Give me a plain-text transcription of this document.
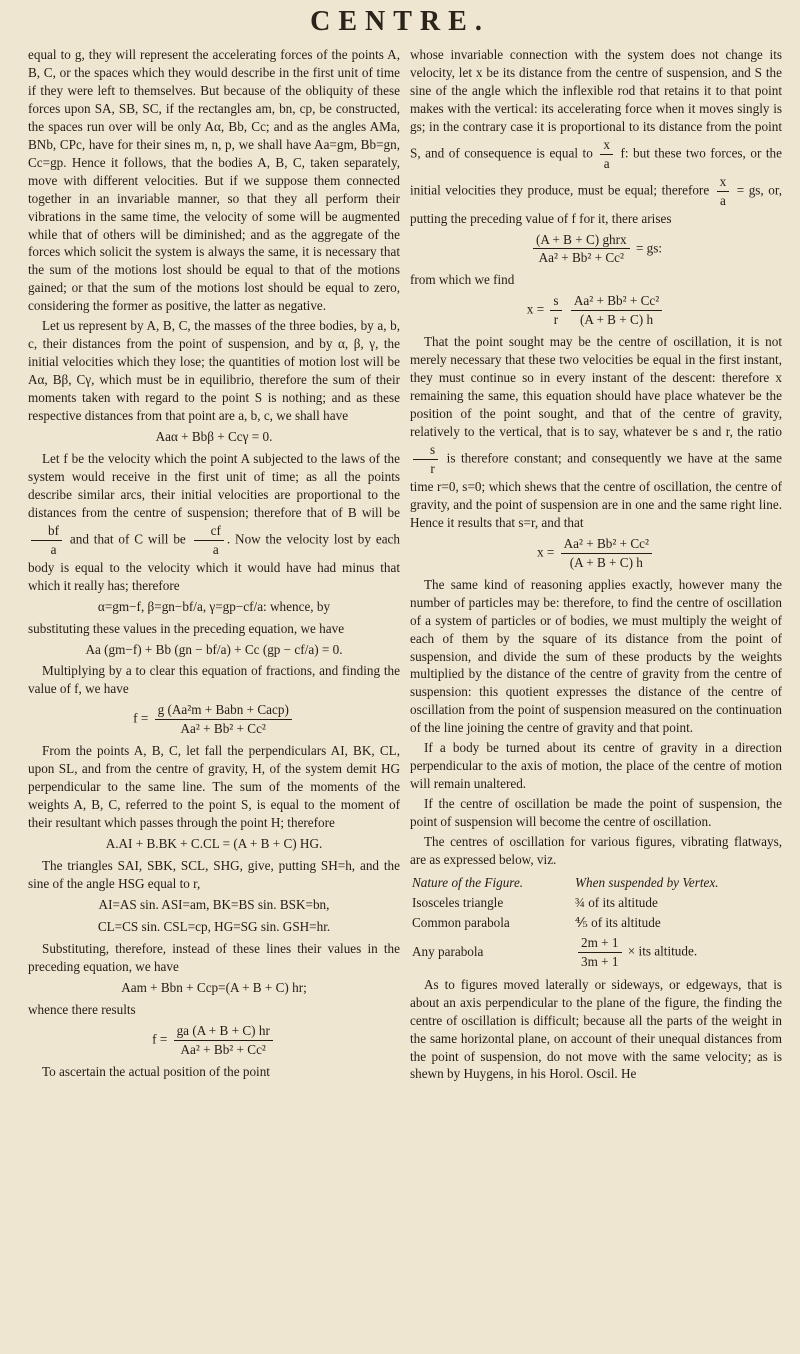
CENTRE.

equal to g, they will represent the accelerating forces of the points A, B, C, or the spaces which they would describe in the first unit of time if they were left to themselves. But because of the obliquity of these forces upon SA, SB, SC, if the rectangles am, bn, cp, be constructed, the spaces run over will be only Aα, Bb, Cc; and as the angles AMa, BNb, CPc, have for their sines m, n, p, we shall have Aa=gm, Bb=gn, Cc=gp. Hence it follows, that the bodies A, B, C, taken separately, move with different velocities. But if we suppose them connected together in an invariable manner, so that they all perform their vibrations in the same time, the velocity of some will be augmented while that of others will be diminished; and as the aggregate of the forces which solicit the system is always the same, it is necessary that the sum of the motions lost should be equal to that of the motions gained; or that the sum of the motions lost should be equal to zero, considering the former as positive, the latter as negative.

Let us represent by A, B, C, the masses of the three bodies, by a, b, c, their distances from the point of suspension, and by α, β, γ, the initial velocities which they lose; the quantities of motion lost will be Aα, Bβ, Cγ, which must be in equilibrio, therefore the sum of their moments taken with regard to the point S is nothing; and as these respective distances from that point are a, b, c, we shall have

Aaα + Bbβ + Ccγ = 0.

Let f be the velocity which the point A subjected to the laws of the system would receive in the first unit of time; as all the points describe similar arcs, their initial velocities are proportional to the distances from the centre of suspension; therefore that of B will be
$\frac{bf}{a}$ and that of C will be $\frac{cf}{a}$ . Now the velocity lost by each body is equal to the velocity which it would have had minus that which it really has; therefore

α=gm−f, β=gn−bf/a, γ=gp−cf/a: whence, by

substituting these values in the preceding equation, we have

Aa (gm−f) + Bb (gn − bf/a) + Cc (gp − cf/a) = 0.

Multiplying by a to clear this equation of fractions, and finding the value of f, we have

$f = \frac{\text{g (Aa²m + Babn + Cacp)}}{\text{Aa² + Bb² + Cc²}}$

From the points A, B, C, let fall the perpendiculars AI, BK, CL, upon SL, and from the centre of gravity, H, of the system demit HG perpendicular to the same line. The sum of the moments of the weights A, B, C, referred to the point S, is equal to the moment of their resultant which passes through the point H; therefore

A.AI + B.BK + C.CL = (A + B + C) HG.

The triangles SAI, SBK, SCL, SHG, give, putting SH=h, and the sine of the angle HSG equal to r,

AI=AS sin. ASI=am, BK=BS sin. BSK=bn,
CL=CS sin. CSL=cp, HG=SG sin. GSH=hr.

Substituting, therefore, instead of these lines their values in the preceding equation, we have

Aam + Bbn + Ccp=(A + B + C) hr;

whence there results

$f = \frac{ga (A + B + C) hr}{\text{Aa² + Bb² + Cc²}}$

To ascertain the actual position of the point

whose invariable connection with the system does not change its velocity, let x be its distance from the centre of suspension, and S the sine of the angle which the inflexible rod that retains it to that point makes with the vertical: its accelerating force when it moves singly is gs; in the contrary case it is proportional to its distance from the point S, and of consequence is equal to $\frac{x}{a} f$: but these two forces, or the initial velocities they produce, must be equal; therefore $\frac{x}{a}$ = gs, or, putting the preceding value of f for it, there arises

$\frac{\text{(A + B + C) ghrx}}{\text{Aa² + Bb² + Cc²}}$ = gs:

from which we find

$x = \frac{s}{r}$
$\frac{\text{Aa² + Bb² + Cc²}}{(A + B + C) h}$

That the point sought may be the centre of oscillation, it is not merely necessary that these two velocities be equal in the first instant, they must continue so in every instant of the descent: therefore x remaining the same, this equation should have place whatever be the position of the point sought, and that of the centre of gravity, relatively to the vertical, that is to say, whatever be s and r, the ratio
$\frac{s}{r}$ is therefore constant; and consequently we have at the same time r=0, s=0; which shews that the centre of oscillation, the centre of gravity, and the point of suspension are in one and the same right line. Hence it results that s=r, and that

$x = \frac{\text{Aa² + Bb² + Cc²}}{(A + B + C) h}$

The same kind of reasoning applies exactly, however many the number of particles may be: therefore, to find the centre of oscillation of a system of particles or of bodies, we must multiply the weight of each of them by the square of its distance from the point of suspension, and divide the sum of these products by the weights multiplied by the distance of the centre of gravity from the centre of suspension: this quotient expresses the distance of the centre of oscillation from the point of suspension measured on the continuation of the line joining the centre of gravity and that point.

If a body be turned about its centre of gravity in a direction perpendicular to the axis of motion, the place of the centre of motion will remain unaltered.

If the centre of oscillation be made the point of suspension, the point of suspension will become the centre of oscillation.

The centres of oscillation for various figures, vibrating flatways, are as expressed below, viz.

Nature of the Figure.	When suspended by Vertex.
Isosceles triangle	¾ of its altitude
Common parabola	⅘ of its altitude
Any parabola	$\frac{2m + 1}{3m + 1}$ × its altitude.

As to figures moved laterally or sideways, or edgeways, that is about an axis perpendicular to the plane of the figure, the finding the centre of oscillation is difficult; because all the parts of the weight in the same horizontal plane, on account of their unequal distances from the point of suspension, do not move with the same velocity; as is shewn by Huygens, in his Horol. Oscil. He
